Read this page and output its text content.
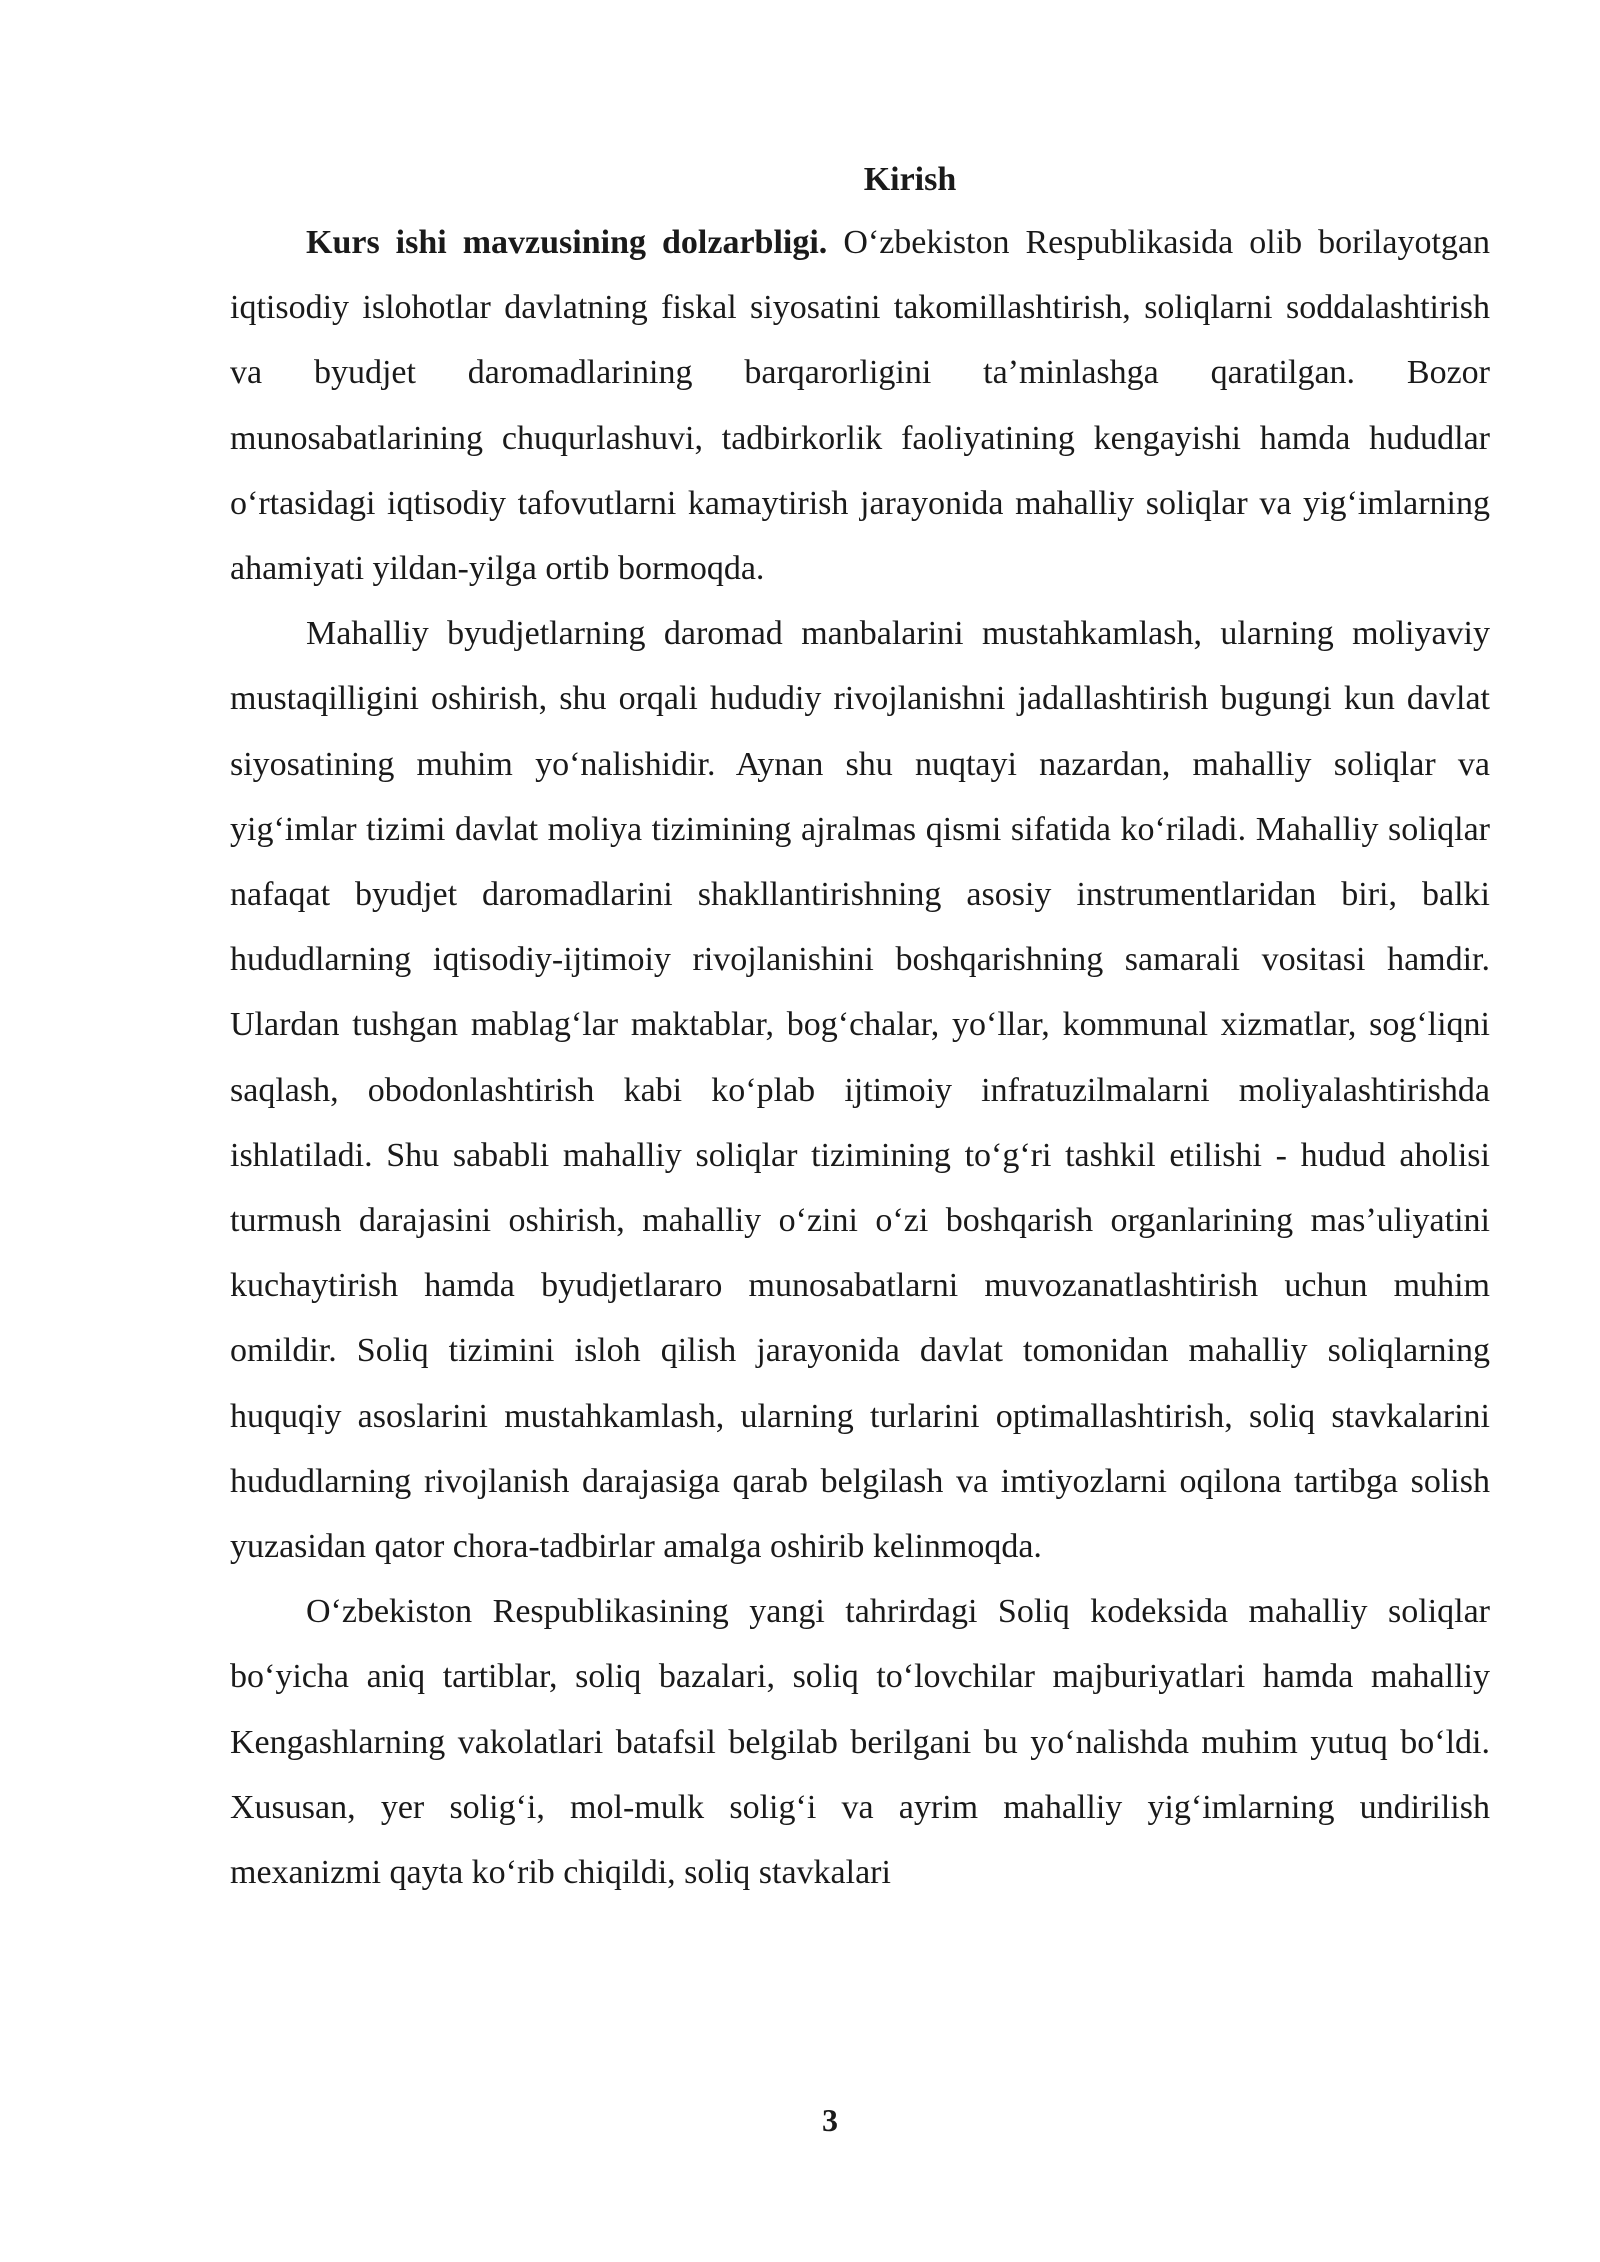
Kirish

Kurs ishi mavzusining dolzarbligi. Oʻzbekiston Respublikasida olib borilayotgan iqtisodiy islohotlar davlatning fiskal siyosatini takomillashtirish, soliqlarni soddalashtirish va byudjet daromadlarining barqarorligini taʼminlashga qaratilgan. Bozor munosabatlarining chuqurlashuvi, tadbirkorlik faoliyatining kengayishi hamda hududlar oʻrtasidagi iqtisodiy tafovutlarni kamaytirish jarayonida mahalliy soliqlar va yigʻimlarning ahamiyati yildan-yilga ortib bormoqda.

Mahalliy byudjetlarning daromad manbalarini mustahkamlash, ularning moliyaviy mustaqilligini oshirish, shu orqali hududiy rivojlanishni jadallashtirish bugungi kun davlat siyosatining muhim yoʻnalishidir. Aynan shu nuqtayi nazardan, mahalliy soliqlar va yigʻimlar tizimi davlat moliya tizimining ajralmas qismi sifatida koʻriladi. Mahalliy soliqlar nafaqat byudjet daromadlarini shakllantirishning asosiy instrumentlaridan biri, balki hududlarning iqtisodiy-ijtimoiy rivojlanishini boshqarishning samarali vositasi hamdir. Ulardan tushgan mablagʻlar maktablar, bogʻchalar, yoʻllar, kommunal xizmatlar, sogʻliqni saqlash, obodonlashtirish kabi koʻplab ijtimoiy infratuzilmalarni moliyalashtirishda ishlatiladi. Shu sababli mahalliy soliqlar tizimining toʻgʻri tashkil etilishi - hudud aholisi turmush darajasini oshirish, mahalliy oʻzini oʻzi boshqarish organlarining masʼuliyatini kuchaytirish hamda byudjetlararo munosabatlarni muvozanatlashtirish uchun muhim omildir. Soliq tizimini isloh qilish jarayonida davlat tomonidan mahalliy soliqlarning huquqiy asoslarini mustahkamlash, ularning turlarini optimallashtirish, soliq stavkalarini hududlarning rivojlanish darajasiga qarab belgilash va imtiyozlarni oqilona tartibga solish yuzasidan qator chora-tadbirlar amalga oshirib kelinmoqda.

Oʻzbekiston Respublikasining yangi tahrirdagi Soliq kodeksida mahalliy soliqlar boʻyicha aniq tartiblar, soliq bazalari, soliq toʻlovchilar majburiyatlari hamda mahalliy Kengashlarning vakolatlari batafsil belgilab berilgani bu yoʻnalishda muhim yutuq boʻldi. Xususan, yer soligʻi, mol-mulk soligʻi va ayrim mahalliy yigʻimlarning undirilish mexanizmi qayta koʻrib chiqildi, soliq stavkalari

3
